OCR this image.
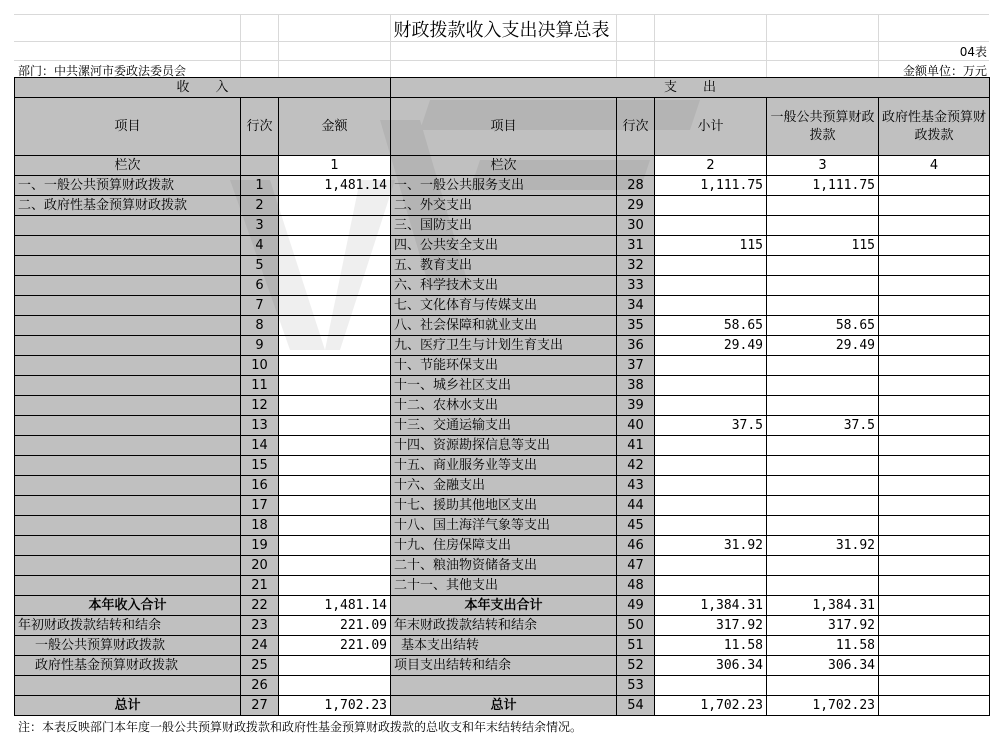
财政拨款收入支出决算总表
04表
部门：中共漯河市委政法委员会	金额单位：万元
收　　入			支　　出				
项目	行次	金额	项目	行次	小计	一般公共预算财政拨款	政府性基金预算财政拨款
栏次		1	栏次		2	3	4
一、一般公共预算财政拨款	1	1,481.14	一、一般公共服务支出	28	1,111.75	1,111.75	
二、政府性基金预算财政拨款	2		二、外交支出	29			
	3		三、国防支出	30			
	4		四、公共安全支出	31	115	115	
	5		五、教育支出	32			
	6		六、科学技术支出	33			
	7		七、文化体育与传媒支出	34			
	8		八、社会保障和就业支出	35	58.65	58.65	
	9		九、医疗卫生与计划生育支出	36	29.49	29.49	
	10		十、节能环保支出	37			
	11		十一、城乡社区支出	38			
	12		十二、农林水支出	39			
	13		十三、交通运输支出	40	37.5	37.5	
	14		十四、资源勘探信息等支出	41			
	15		十五、商业服务业等支出	42			
	16		十六、金融支出	43			
	17		十七、援助其他地区支出	44			
	18		十八、国土海洋气象等支出	45			
	19		十九、住房保障支出	46	31.92	31.92	
	20		二十、粮油物资储备支出	47			
	21		二十一、其他支出	48			
本年收入合计	22	1,481.14	本年支出合计	49	1,384.31	1,384.31	
年初财政拨款结转和结余	23	221.09	年末财政拨款结转和结余	50	317.92	317.92	
一般公共预算财政拨款	24	221.09	基本支出结转	51	11.58	11.58	
政府性基金预算财政拨款	25		项目支出结转和结余	52	306.34	306.34	
	26			53			
总计	27	1,702.23	总计	54	1,702.23	1,702.23	
注：本表反映部门本年度一般公共预算财政拨款和政府性基金预算财政拨款的总收支和年末结转结余情况。
